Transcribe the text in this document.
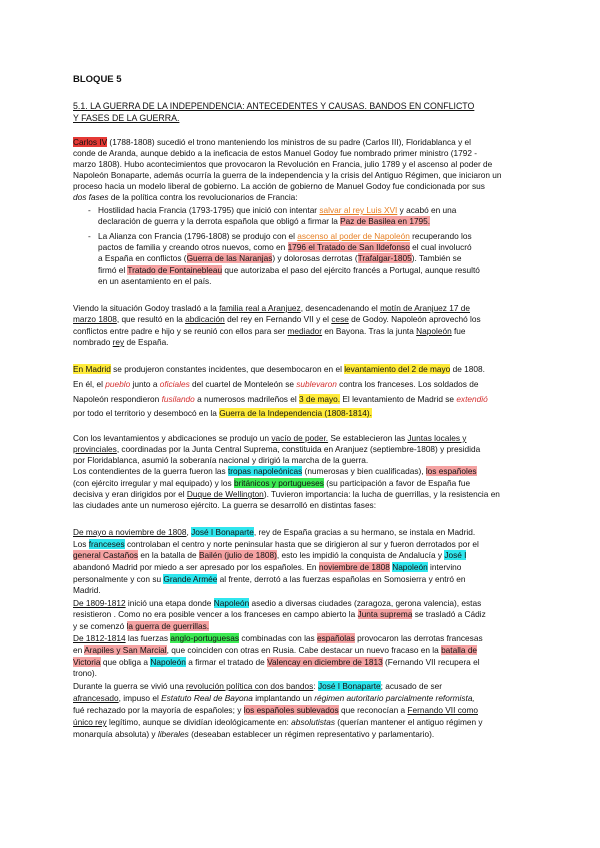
BLOQUE 5
5.1. LA GUERRA DE LA INDEPENDENCIA: ANTECEDENTES Y CAUSAS. BANDOS EN CONFLICTO
Y FASES DE LA GUERRA.
Carlos IV (1788-1808) sucedió el trono manteniendo los ministros de su padre (Carlos III), Floridablanca y el
conde de Aranda, aunque debido a la ineficacia de estos Manuel Godoy fue nombrado primer ministro (1792 -
marzo 1808). Hubo acontecimientos que provocaron la Revolución en Francia, julio 1789 y el ascenso al poder de
Napoleón Bonaparte, además ocurría la guerra de la independencia y la crisis del Antiguo Régimen, que iniciaron un
proceso hacia un modelo liberal de gobierno. La acción de gobierno de Manuel Godoy fue condicionada por sus
dos fases de la política contra los revolucionarios de Francia:
- Hostilidad hacia Francia (1793-1795) que inició con intentar salvar al rey Luis XVI y acabó en una
declaración de guerra y la derrota española que obligó a firmar la Paz de Basilea en 1795.
- La Alianza con Francia (1796-1808) se produjo con el ascenso al poder de Napoleón recuperando los
pactos de familia y creando otros nuevos, como en 1796 el Tratado de San Ildefonso el cual involucró
a España en conflictos (Guerra de las Naranjas) y dolorosas derrotas (Trafalgar-1805). También se
firmó el Tratado de Fontainebleau que autorizaba el paso del ejército francés a Portugal, aunque resultó
en un asentamiento en el país.
Viendo la situación Godoy trasladó a la familia real a Aranjuez, desencadenando el motín de Aranjuez 17 de
marzo 1808, que resultó en la abdicación del rey en Fernando VII y el cese de Godoy. Napoleón aprovechó los
conflictos entre padre e hijo y se reunió con ellos para ser mediador en Bayona. Tras la junta Napoleón fue
nombrado rey de España.
En Madrid se produjeron constantes incidentes, que desembocaron en el levantamiento del 2 de mayo de 1808.
En él, el pueblo junto a oficiales del cuartel de Monteleón se sublevaron contra los franceses. Los soldados de
Napoleón respondieron fusilando a numerosos madrileños el 3 de mayo. El levantamiento de Madrid se extendió
por todo el territorio y desembocó en la Guerra de la Independencia (1808-1814).
Con los levantamientos y abdicaciones se produjo un vacío de poder. Se establecieron las Juntas locales y
provinciales, coordinadas por la Junta Central Suprema, constituida en Aranjuez (septiembre-1808) y presidida
por Floridablanca, asumió la soberanía nacional y dirigió la marcha de la guerra.
Los contendientes de la guerra fueron las tropas napoleónicas (numerosas y bien cualificadas), los españoles
(con ejército irregular y mal equipado) y los británicos y portugueses (su participación a favor de España fue
decisiva y eran dirigidos por el Duque de Wellington). Tuvieron importancia: la lucha de guerrillas, y la resistencia en
las ciudades ante un numeroso ejército. La guerra se desarrolló en distintas fases:
De mayo a noviembre de 1808, José I Bonaparte, rey de España gracias a su hermano, se instala en Madrid.
Los franceses controlaban el centro y norte peninsular hasta que se dirigieron al sur y fueron derrotados por el
general Castaños en la batalla de Bailén (julio de 1808), esto les impidió la conquista de Andalucía y José I
abandonó Madrid por miedo a ser apresado por los españoles. En noviembre de 1808 Napoleón intervino
personalmente y con su Grande Armée al frente, derrotó a las fuerzas españolas en Somosierra y entró en
Madrid.
De 1809-1812 inició una etapa donde Napoleón asedio a diversas ciudades (zaragoza, gerona valencia), estas
resistieron . Como no era posible vencer a los franceses en campo abierto la Junta suprema se trasladó a Cádiz
y se comenzó la guerra de guerrillas.
De 1812-1814 las fuerzas anglo-portuguesas combinadas con las españolas provocaron las derrotas francesas
en Arapiles y San Marcial, que coinciden con otras en Rusia. Cabe destacar un nuevo fracaso en la batalla de
Victoria que obliga a Napoleón a firmar el tratado de Valencay en diciembre de 1813 (Fernando VII recupera el
trono).
Durante la guerra se vivió una revolución política con dos bandos: José I Bonaparte; acusado de ser
afrancesado, impuso el Estatuto Real de Bayona implantando un régimen autoritario parcialmente reformista,
fué rechazado por la mayoría de españoles; y los españoles sublevados que reconocían a Fernando VII como
único rey legítimo, aunque se dividían ideológicamente en: absolutistas (querían mantener el antiguo régimen y
monarquía absoluta) y liberales (deseaban establecer un régimen representativo y parlamentario).
